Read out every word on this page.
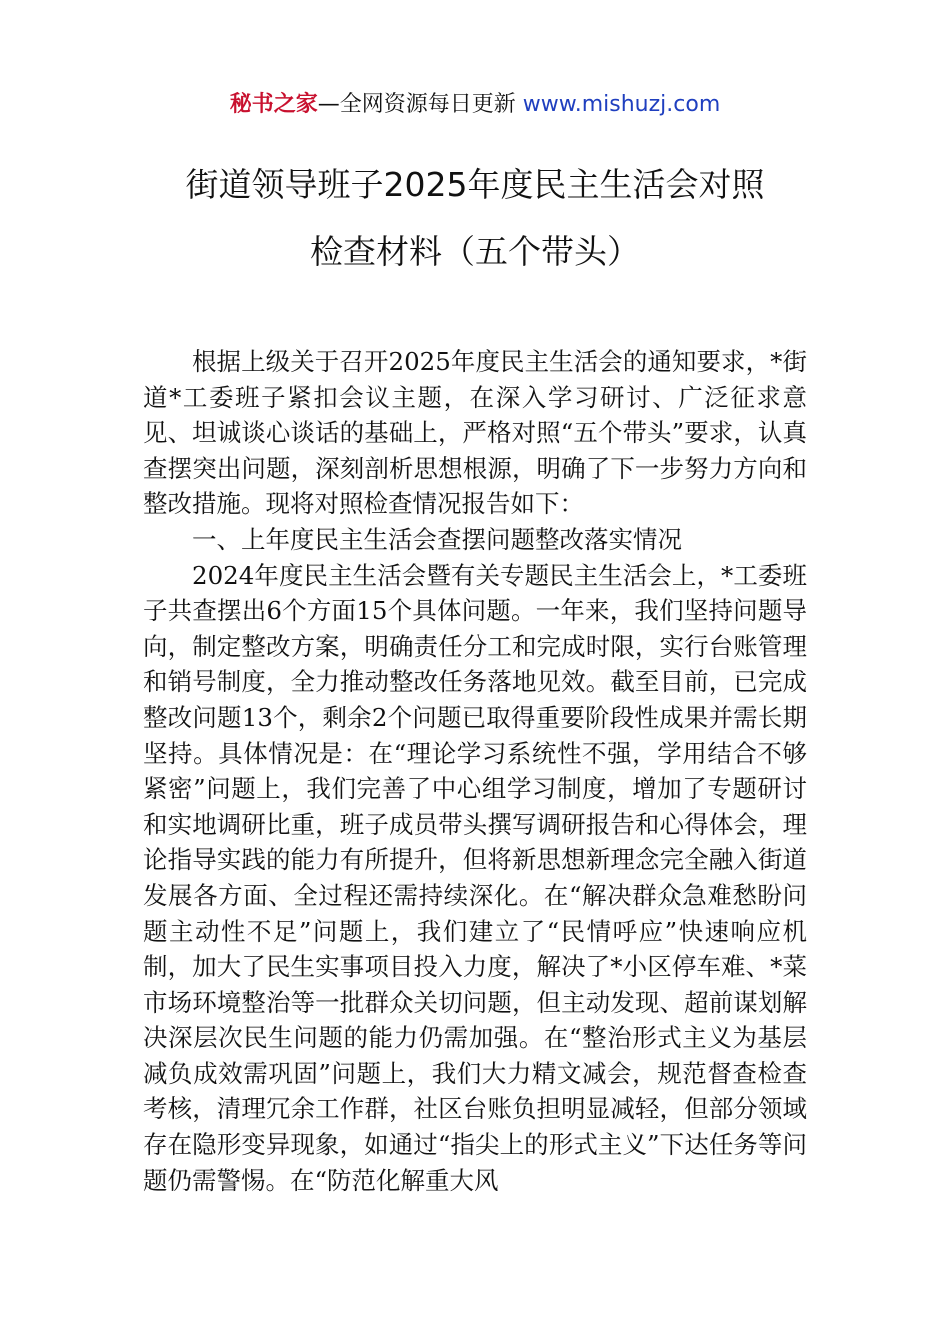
秘书之家—全网资源每日更新 www.mishuzj.com
街道领导班子2025年度民主生活会对照
检查材料（五个带头）

根据上级关于召开2025年度民主生活会的通知要求，*街道*工委班子紧扣会议主题，在深入学习研讨、广泛征求意见、坦诚谈心谈话的基础上，严格对照“五个带头”要求，认真查摆突出问题，深刻剖析思想根源，明确了下一步努力方向和整改措施。现将对照检查情况报告如下：

一、上年度民主生活会查摆问题整改落实情况

2024年度民主生活会暨有关专题民主生活会上，*工委班子共查摆出6个方面15个具体问题。一年来，我们坚持问题导向，制定整改方案，明确责任分工和完成时限，实行台账管理和销号制度，全力推动整改任务落地见效。截至目前，已完成整改问题13个，剩余2个问题已取得重要阶段性成果并需长期坚持。具体情况是：在“理论学习系统性不强，学用结合不够紧密”问题上，我们完善了中心组学习制度，增加了专题研讨和实地调研比重，班子成员带头撰写调研报告和心得体会，理论指导实践的能力有所提升，但将新思想新理念完全融入街道发展各方面、全过程还需持续深化。在“解决群众急难愁盼问题主动性不足”问题上，我们建立了“民情呼应”快速响应机制，加大了民生实事项目投入力度，解决了*小区停车难、*菜市场环境整治等一批群众关切问题，但主动发现、超前谋划解决深层次民生问题的能力仍需加强。在“整治形式主义为基层减负成效需巩固”问题上，我们大力精文减会，规范督查检查考核，清理冗余工作群，社区台账负担明显减轻，但部分领域存在隐形变异现象，如通过“指尖上的形式主义”下达任务等问题仍需警惕。在“防范化解重大风
